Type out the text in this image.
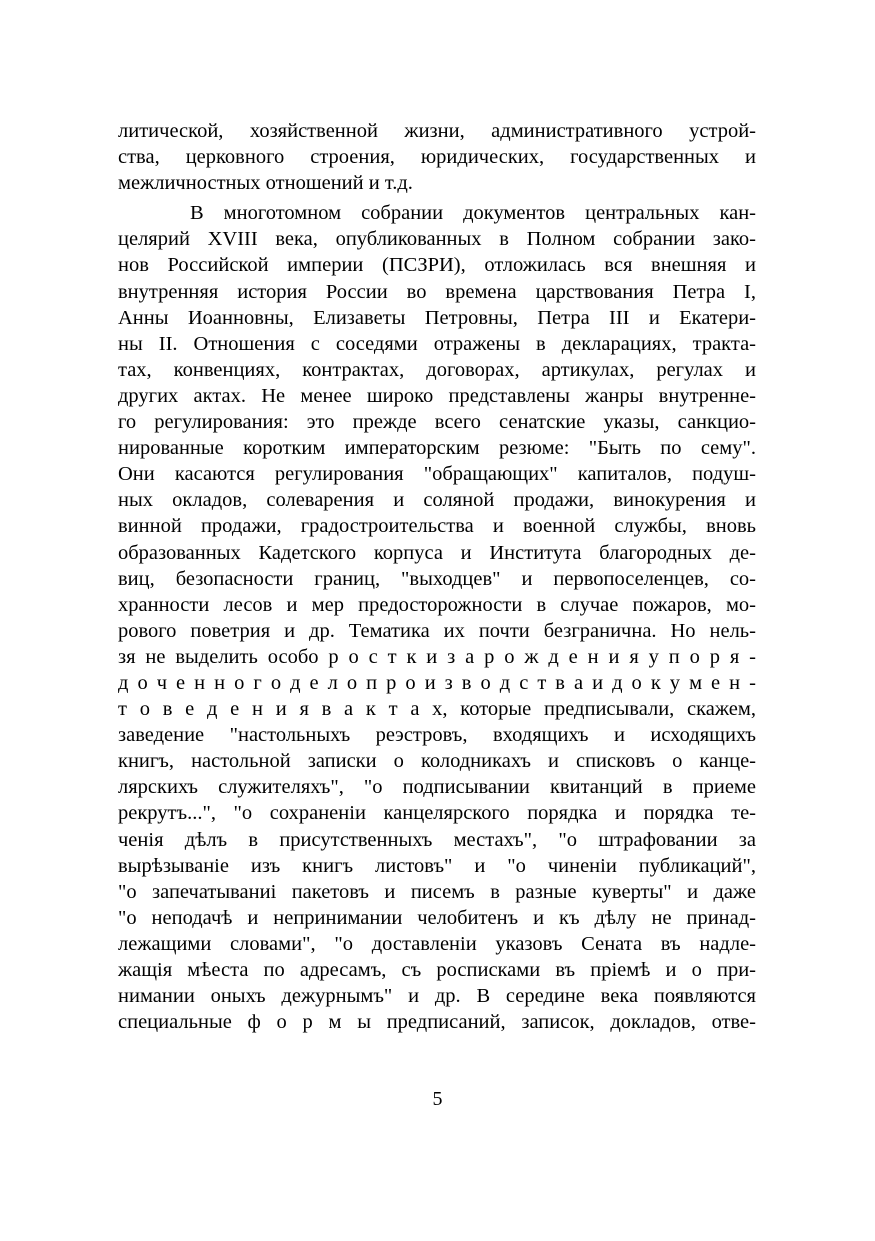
литической, хозяйственной жизни, административного устрой-
ства, церковного строения, юридических, государственных и
межличностных отношений и т.д.
В многотомном собрании документов центральных кан-
целярий XVIII века, опубликованных в Полном собрании зако-
нов Российской империи (ПСЗРИ), отложилась вся внешняя и
внутренняя история России во времена царствования Петра I,
Анны Иоанновны, Елизаветы Петровны, Петра III и Екатери-
ны II. Отношения с соседями отражены в декларациях, тракта-
тах, конвенциях, контрактах, договорах, артикулах, регулах и
других актах. Не менее широко представлены жанры внутренне-
го регулирования: это прежде всего сенатские указы, санкцио-
нированные коротким императорским резюме: "Быть по сему".
Они касаются регулирования "обращающих" капиталов, подуш-
ных окладов, солеварения и соляной продажи, винокурения и
винной продажи, градостроительства и военной службы, вновь
образованных Кадетского корпуса и Института благородных де-
виц, безопасности границ, "выходцев" и первопоселенцев, со-
хранности лесов и мер предосторожности в случае пожаров, мо-
рового поветрия и др. Тематика их почти безгранична. Но нель-
зя не выделить особо р о с т к и з а р о ж д е н и я у п о р я -
д о ч е н н о г о д е л о п р о и з в о д с т в а и д о к у м е н -
т о в е д е н и я в а к т а х, которые предписывали, скажем,
заведение "настольныхъ реэстровъ, входящихъ и исходящихъ
книгъ, настольной записки о колодникахъ и списковъ о канце-
лярскихъ служителяхъ", "о подписывании квитанций в приеме
рекрутъ...", "о сохраненiи канцелярского порядка и порядка те-
ченiя дѣлъ в присутственныхъ местахъ", "о штрафовании за
вырѣзываніе изъ книгъ листовъ" и "о чиненiи публикаций",
"о запечатываниі пакетовъ и писемъ в разные куверты" и даже
"о неподачѣ и непринимании челобитенъ и къ дѣлу не принад-
лежащими словами", "о доставленiи указовъ Сената въ надле-
жащія мѣеста по адресамъ, съ росписками въ прiемѣ и о при-
нимании оныхъ дежурнымъ" и др. В середине века появляются
специальные ф о р м ы предписаний, записок, докладов, отве-
5
